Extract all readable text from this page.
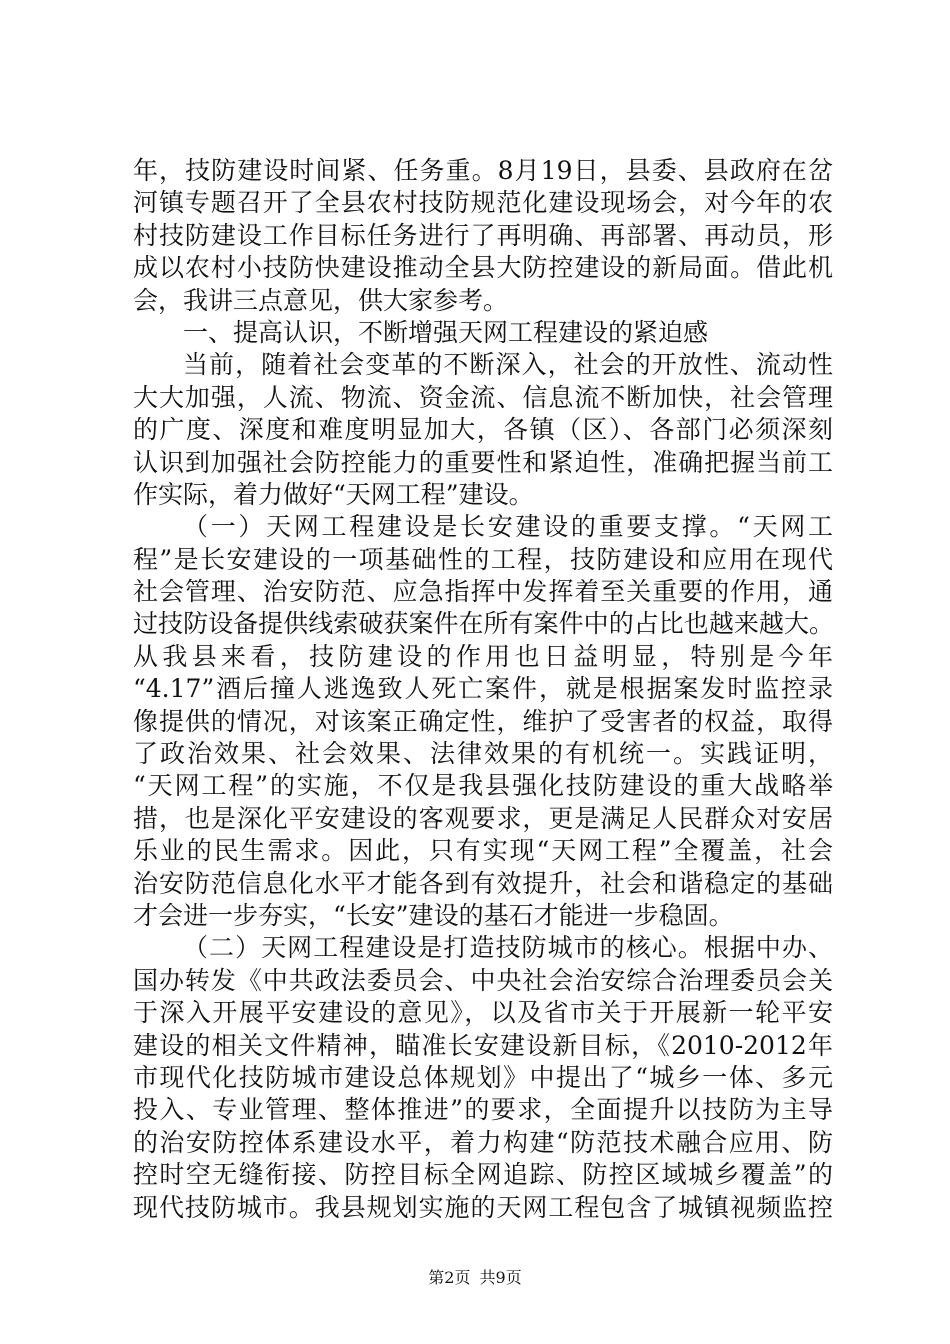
年，技防建设时间紧、任务重。8月19日，县委、县政府在岔
河镇专题召开了全县农村技防规范化建设现场会，对今年的农
村技防建设工作目标任务进行了再明确、再部署、再动员，形
成以农村小技防快建设推动全县大防控建设的新局面。借此机
会，我讲三点意见，供大家参考。
一、提高认识，不断增强天网工程建设的紧迫感
当前，随着社会变革的不断深入，社会的开放性、流动性
大大加强，人流、物流、资金流、信息流不断加快，社会管理
的广度、深度和难度明显加大，各镇（区）、各部门必须深刻
认识到加强社会防控能力的重要性和紧迫性，准确把握当前工
作实际，着力做好“天网工程”建设。
（一）天网工程建设是长安建设的重要支撑。“天网工
程”是长安建设的一项基础性的工程，技防建设和应用在现代
社会管理、治安防范、应急指挥中发挥着至关重要的作用，通
过技防设备提供线索破获案件在所有案件中的占比也越来越大。
从我县来看，技防建设的作用也日益明显，特别是今年
“4.17”酒后撞人逃逸致人死亡案件，就是根据案发时监控录
像提供的情况，对该案正确定性，维护了受害者的权益，取得
了政治效果、社会效果、法律效果的有机统一。实践证明，
“天网工程”的实施，不仅是我县强化技防建设的重大战略举
措，也是深化平安建设的客观要求，更是满足人民群众对安居
乐业的民生需求。因此，只有实现“天网工程”全覆盖，社会
治安防范信息化水平才能各到有效提升，社会和谐稳定的基础
才会进一步夯实，“长安”建设的基石才能进一步稳固。
（二）天网工程建设是打造技防城市的核心。根据中办、
国办转发《中共政法委员会、中央社会治安综合治理委员会关
于深入开展平安建设的意见》，以及省市关于开展新一轮平安
建设的相关文件精神，瞄准长安建设新目标，《2010-2012年
市现代化技防城市建设总体规划》中提出了“城乡一体、多元
投入、专业管理、整体推进”的要求，全面提升以技防为主导
的治安防控体系建设水平，着力构建“防范技术融合应用、防
控时空无缝衔接、防控目标全网追踪、防控区域城乡覆盖”的
现代技防城市。我县规划实施的天网工程包含了城镇视频监控
第2页 共9页
